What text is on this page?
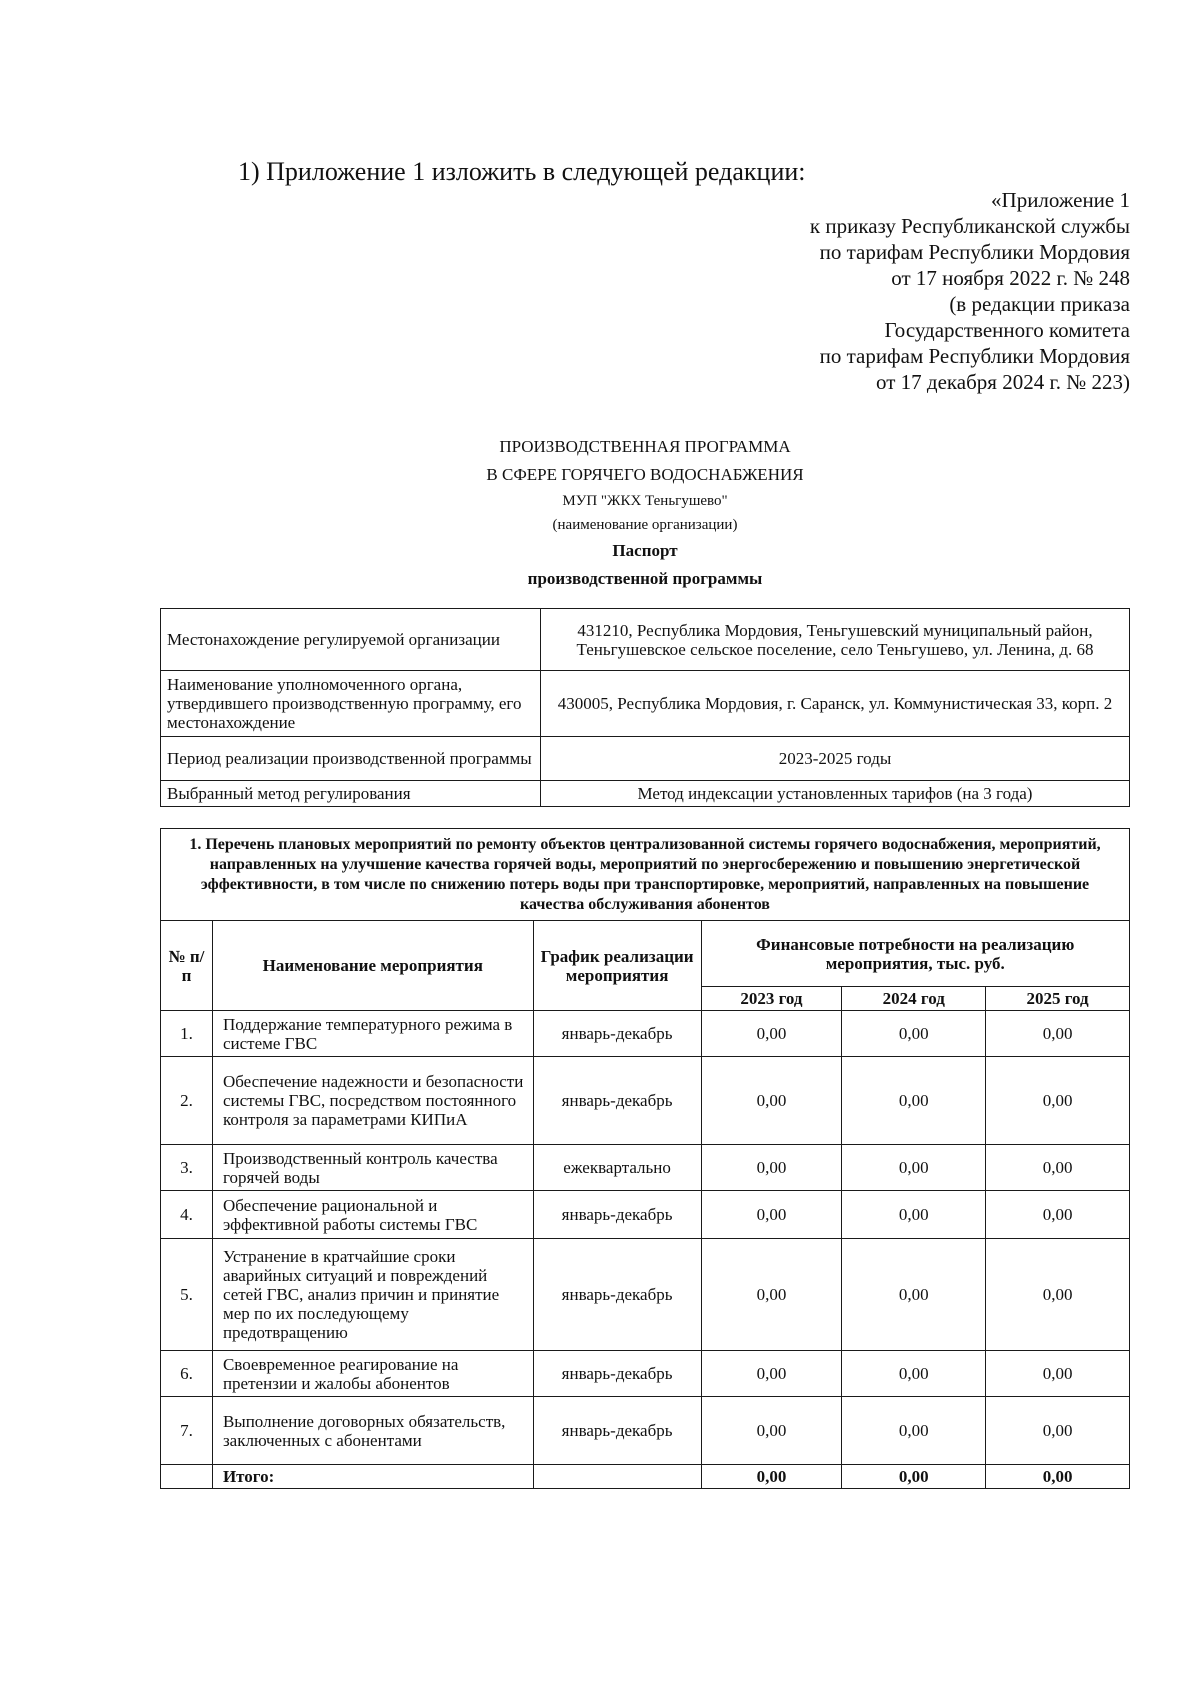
1) Приложение 1 изложить в следующей редакции:
«Приложение 1
к приказу Республиканской службы
по тарифам Республики Мордовия
от 17 ноября 2022 г. № 248
(в редакции приказа
Государственного комитета
по тарифам Республики Мордовия
от 17 декабря 2024 г. № 223)
ПРОИЗВОДСТВЕННАЯ ПРОГРАММА
В СФЕРЕ ГОРЯЧЕГО ВОДОСНАБЖЕНИЯ
МУП "ЖКХ Теньгушево"
(наименование организации)
Паспорт
производственной программы
Местонахождение регулируемой организации	431210, Республика Мордовия, Теньгушевский муниципальный район, Теньгушевское сельское поселение, село Теньгушево, ул. Ленина, д. 68
Наименование уполномоченного органа, утвердившего производственную программу, его местонахождение	430005, Республика Мордовия, г. Саранск, ул. Коммунистическая 33, корп. 2
Период реализации производственной программы	2023-2025 годы
Выбранный метод регулирования	Метод индексации установленных тарифов (на 3 года)
1. Перечень плановых мероприятий по ремонту объектов централизованной системы горячего водоснабжения, мероприятий, направленных на улучшение качества горячей воды, мероприятий по энергосбережению и повышению энергетической эффективности, в том числе по снижению потерь воды при транспортировке, мероприятий, направленных на повышение качества обслуживания абонентов					
№ п/п	Наименование мероприятия	График реализации мероприятия	Финансовые потребности на реализацию мероприятия, тыс. руб.		
			2023 год	2024 год	2025 год
1.	Поддержание температурного режима в системе ГВС	январь-декабрь	0,00	0,00	0,00
2.	Обеспечение надежности и безопасности системы ГВС, посредством постоянного контроля за параметрами КИПиА	январь-декабрь	0,00	0,00	0,00
3.	Производственный контроль качества горячей воды	ежеквартально	0,00	0,00	0,00
4.	Обеспечение рациональной и эффективной работы системы ГВС	январь-декабрь	0,00	0,00	0,00
5.	Устранение в кратчайшие сроки аварийных ситуаций и повреждений сетей ГВС, анализ причин и принятие мер по их последующему предотвращению	январь-декабрь	0,00	0,00	0,00
6.	Своевременное реагирование на претензии и жалобы абонентов	январь-декабрь	0,00	0,00	0,00
7.	Выполнение договорных обязательств, заключенных с абонентами	январь-декабрь	0,00	0,00	0,00
	Итого:		0,00	0,00	0,00
